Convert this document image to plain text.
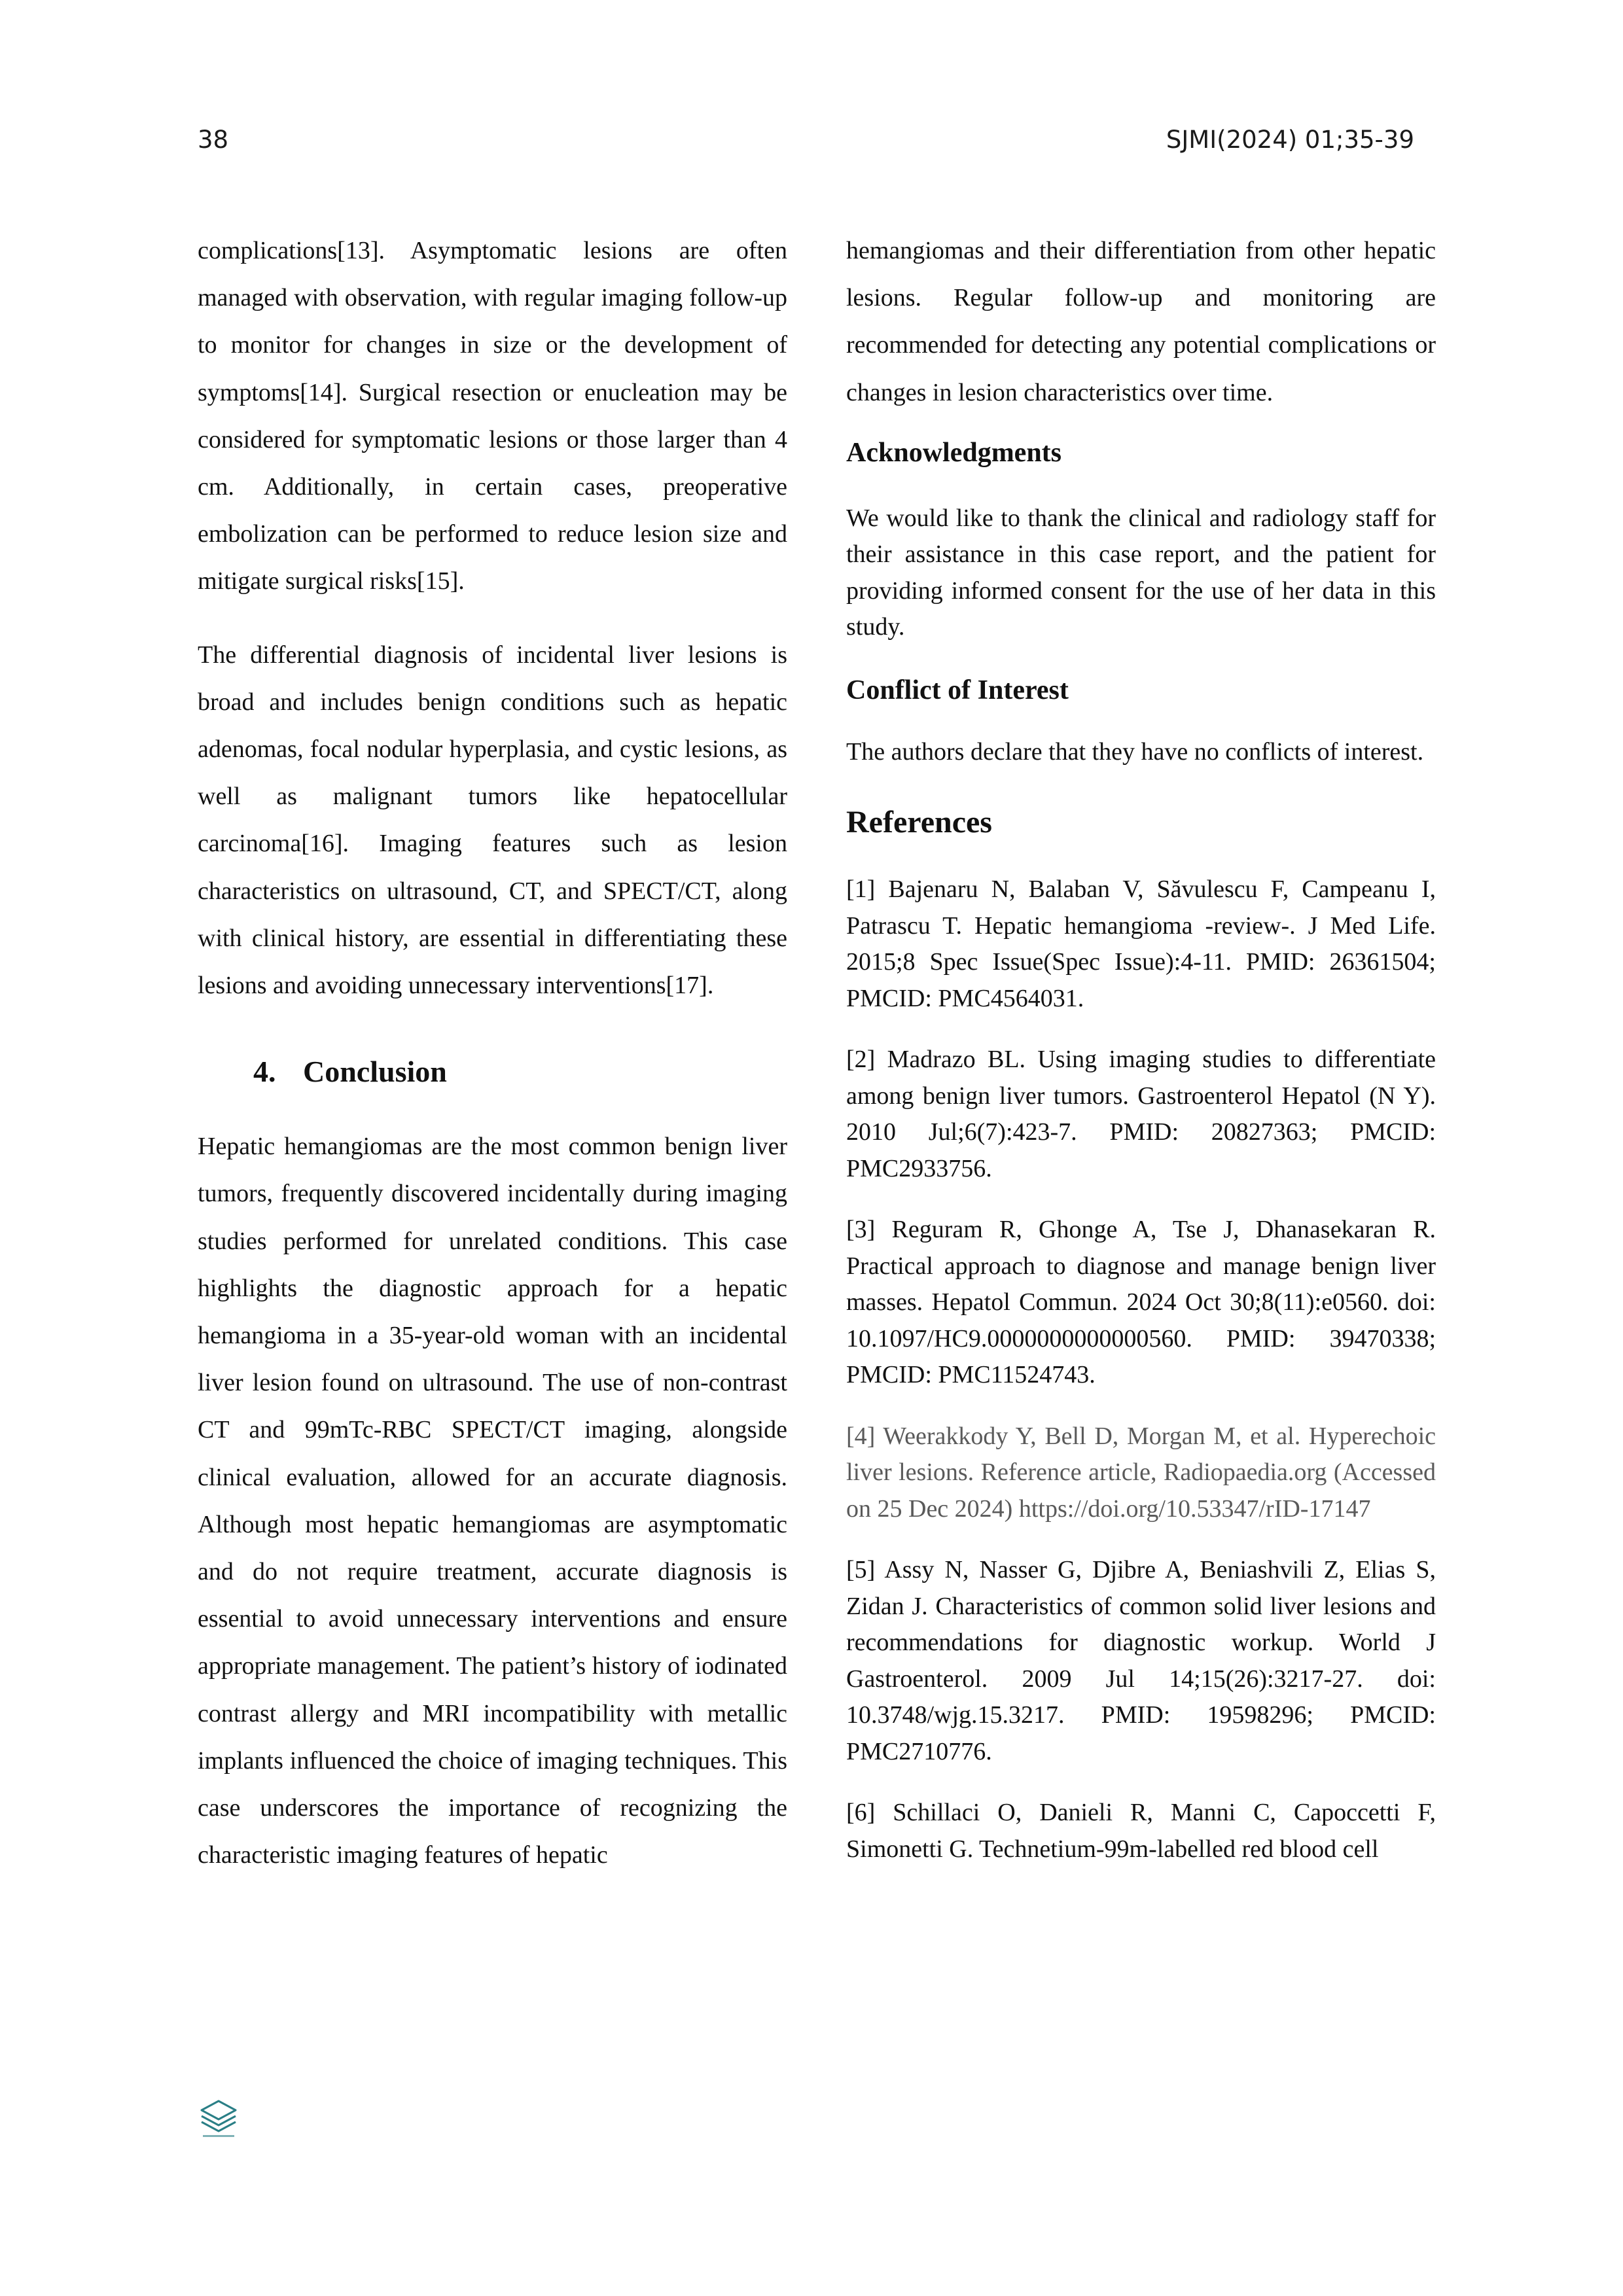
38	SJMI(2024) 01;35-39

complications[13]. Asymptomatic lesions are often managed with observation, with regular imaging follow-up to monitor for changes in size or the development of symptoms[14]. Surgical resection or enucleation may be considered for symptomatic lesions or those larger than 4 cm. Additionally, in certain cases, preoperative embolization can be performed to reduce lesion size and mitigate surgical risks[15].

The differential diagnosis of incidental liver lesions is broad and includes benign conditions such as hepatic adenomas, focal nodular hyperplasia, and cystic lesions, as well as malignant tumors like hepatocellular carcinoma[16]. Imaging features such as lesion characteristics on ultrasound, CT, and SPECT/CT, along with clinical history, are essential in differentiating these lesions and avoiding unnecessary interventions[17].

4. Conclusion

Hepatic hemangiomas are the most common benign liver tumors, frequently discovered incidentally during imaging studies performed for unrelated conditions. This case highlights the diagnostic approach for a hepatic hemangioma in a 35-year-old woman with an incidental liver lesion found on ultrasound. The use of non-contrast CT and 99mTc-RBC SPECT/CT imaging, alongside clinical evaluation, allowed for an accurate diagnosis. Although most hepatic hemangiomas are asymptomatic and do not require treatment, accurate diagnosis is essential to avoid unnecessary interventions and ensure appropriate management. The patient’s history of iodinated contrast allergy and MRI incompatibility with metallic implants influenced the choice of imaging techniques. This case underscores the importance of recognizing the characteristic imaging features of hepatic

hemangiomas and their differentiation from other hepatic lesions. Regular follow-up and monitoring are recommended for detecting any potential complications or changes in lesion characteristics over time.

Acknowledgments

We would like to thank the clinical and radiology staff for their assistance in this case report, and the patient for providing informed consent for the use of her data in this study.

Conflict of Interest

The authors declare that they have no conflicts of interest.

References

[1] Bajenaru N, Balaban V, Săvulescu F, Campeanu I, Patrascu T. Hepatic hemangioma -review-. J Med Life. 2015;8 Spec Issue(Spec Issue):4-11. PMID: 26361504; PMCID: PMC4564031.

[2] Madrazo BL. Using imaging studies to differentiate among benign liver tumors. Gastroenterol Hepatol (N Y). 2010 Jul;6(7):423-7. PMID: 20827363; PMCID: PMC2933756.

[3] Reguram R, Ghonge A, Tse J, Dhanasekaran R. Practical approach to diagnose and manage benign liver masses. Hepatol Commun. 2024 Oct 30;8(11):e0560. doi: 10.1097/HC9.0000000000000560. PMID: 39470338; PMCID: PMC11524743.

[4] Weerakkody Y, Bell D, Morgan M, et al. Hyperechoic liver lesions. Reference article, Radiopaedia.org (Accessed on 25 Dec 2024) https://doi.org/10.53347/rID-17147

[5] Assy N, Nasser G, Djibre A, Beniashvili Z, Elias S, Zidan J. Characteristics of common solid liver lesions and recommendations for diagnostic workup. World J Gastroenterol. 2009 Jul 14;15(26):3217-27. doi: 10.3748/wjg.15.3217. PMID: 19598296; PMCID: PMC2710776.

[6] Schillaci O, Danieli R, Manni C, Capoccetti F, Simonetti G. Technetium-99m-labelled red blood cell
